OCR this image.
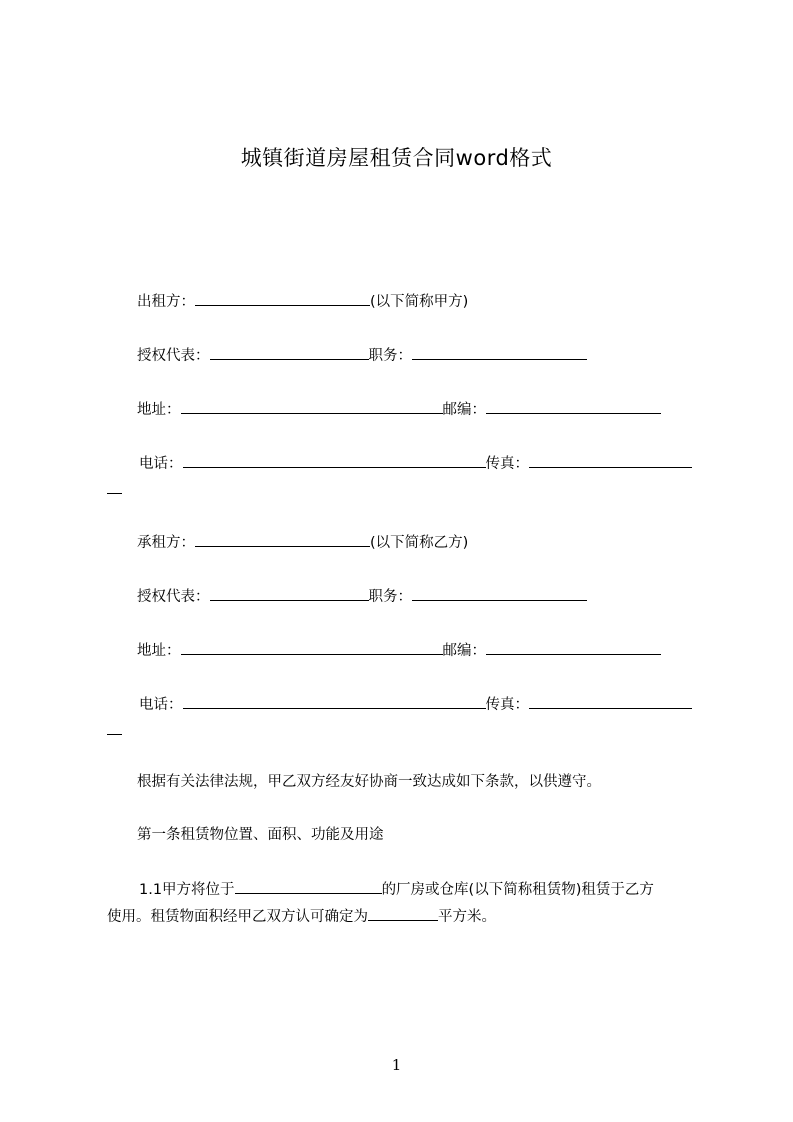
城镇街道房屋租赁合同word格式
出租方：	(以下简称甲方)
授权代表：	职务：
地址：	邮编：
电话：	传真：
承租方：	(以下简称乙方)
授权代表：	职务：
地址：	邮编：
电话：	传真：
根据有关法律法规，甲乙双方经友好协商一致达成如下条款，以供遵守。
第一条租赁物位置、面积、功能及用途
1.1甲方将位于	的厂房或仓库(以下简称租赁物)租赁于乙方
使用。租赁物面积经甲乙双方认可确定为	平方米。
1
